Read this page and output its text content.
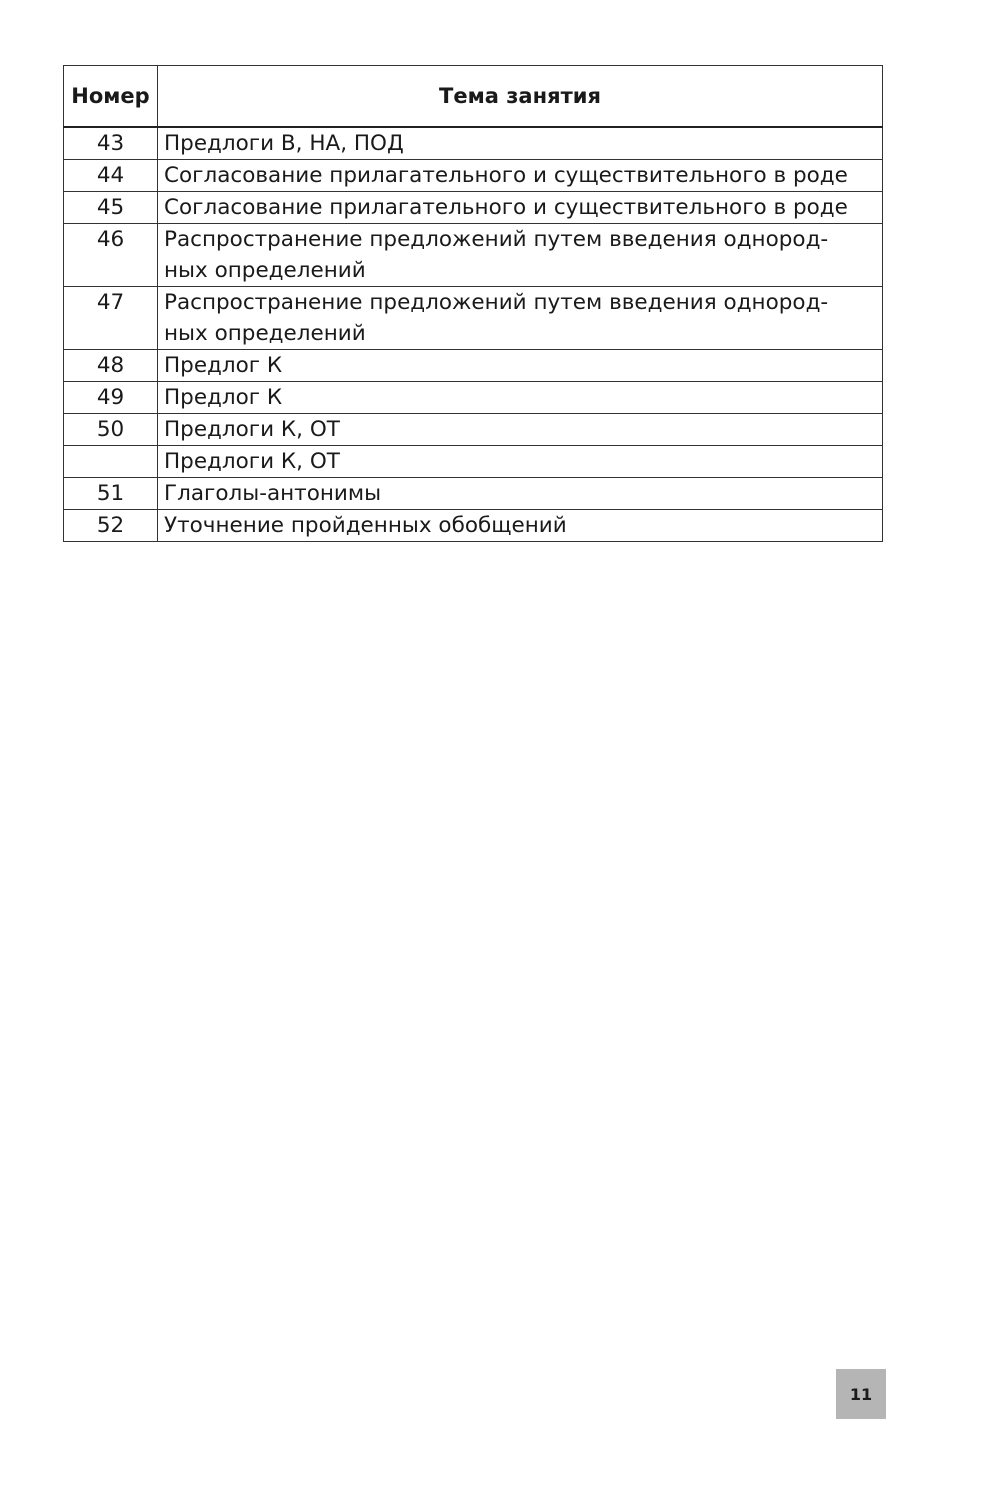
Номер	Тема занятия
43	Предлоги В, НА, ПОД
44	Согласование прилагательного и существительного в роде
45	Согласование прилагательного и существительного в роде
46	Распространение предложений путем введения однород-
ных определений
47	Распространение предложений путем введения однород-
ных определений
48	Предлог К
49	Предлог К
50	Предлоги К, ОТ
	Предлоги К, ОТ
51	Глаголы-антонимы
52	Уточнение пройденных обобщений
11
